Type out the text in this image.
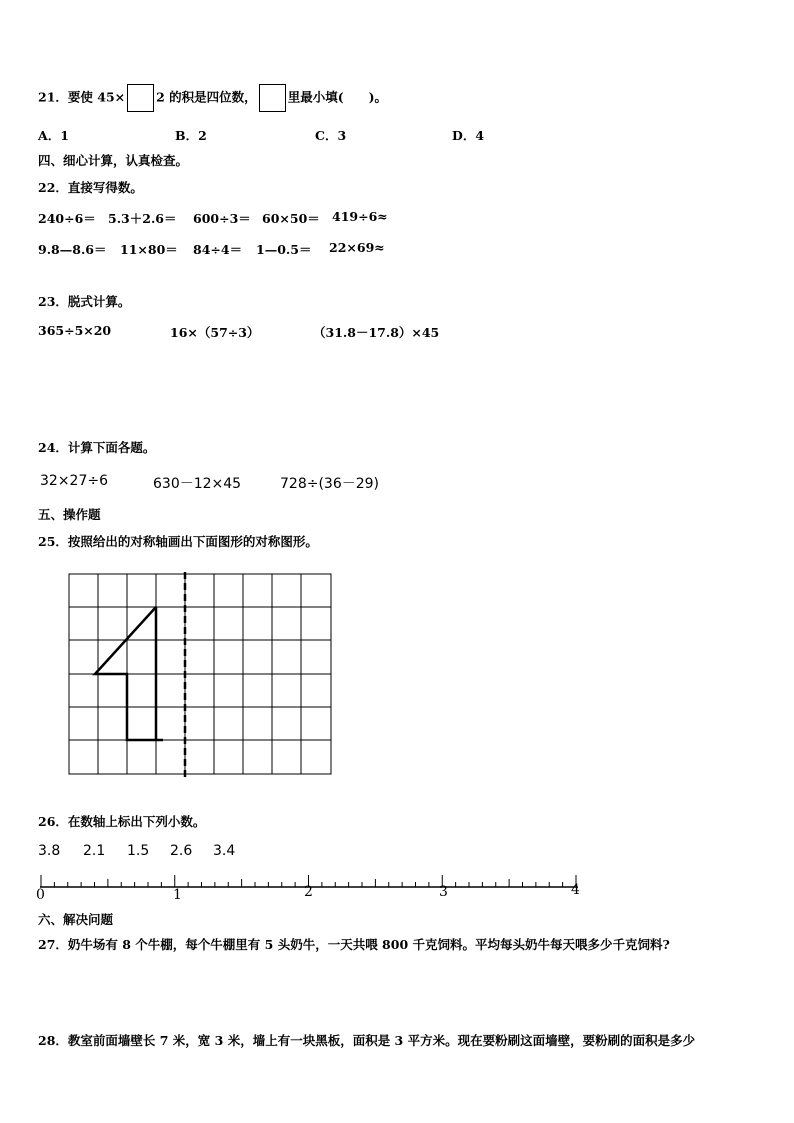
21．要使 45× 2 的积是四位数， 里最小填(　　)。
A．1	B．2	C．3	D．4
四、细心计算，认真检查。
22．直接写得数。
240÷6＝ 5.3＋2.6＝ 600÷3＝ 60×50＝ 419÷6≈
9.8—8.6＝ 11×80＝ 84÷4＝ 1—0.5＝ 22×69≈
23．脱式计算。
365÷5×20	16×（57÷3）	（31.8－17.8）×45
24．计算下面各题。
32×27÷6	630－12×45	728÷(36－29)
五、操作题
25．按照给出的对称轴画出下面图形的对称图形。
26．在数轴上标出下列小数。
3.8 2.1 1.5 2.6 3.4
0	1	2	3	4
六、解决问题
27．奶牛场有 8 个牛棚，每个牛棚里有 5 头奶牛，一天共喂 800 千克饲料。平均每头奶牛每天喂多少千克饲料?
28．教室前面墙壁长 7 米，宽 3 米，墙上有一块黑板，面积是 3 平方米。现在要粉刷这面墙壁，要粉刷的面积是多少
